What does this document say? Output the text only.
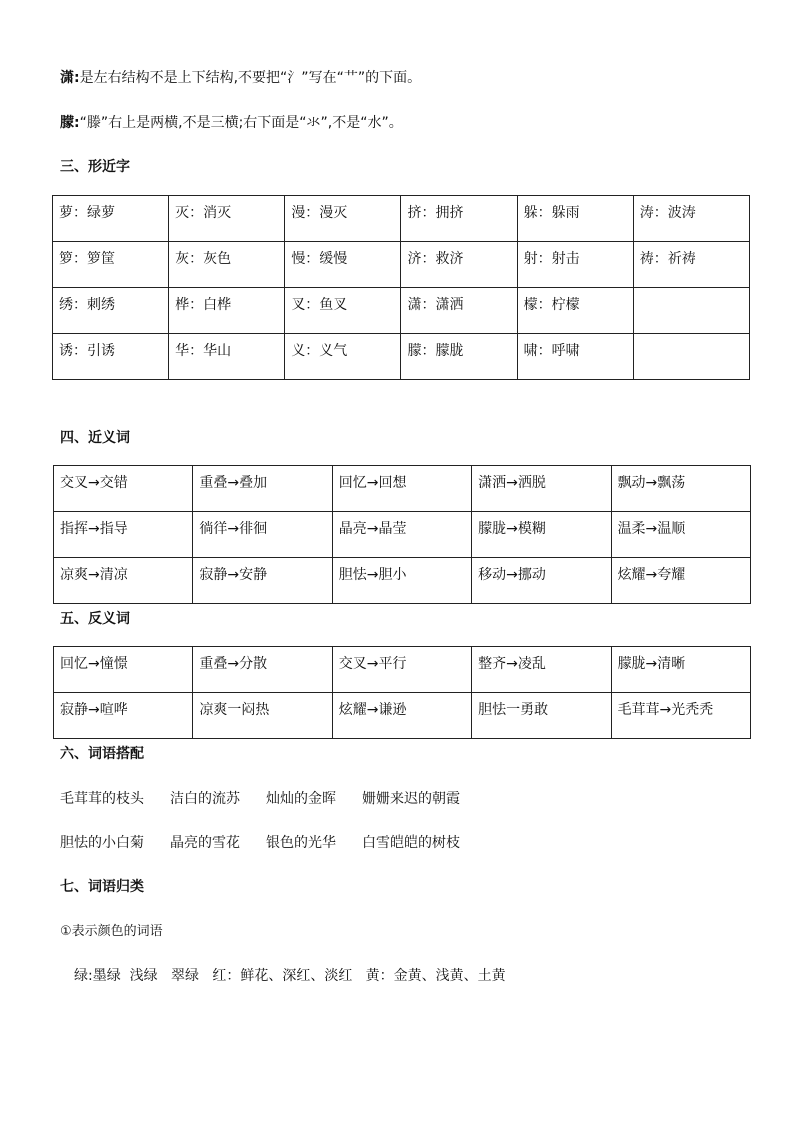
潇:是左右结构不是上下结构,不要把“氵”写在“艹”的下面。
朦:“滕”右上是两横,不是三横;右下面是“氺”,不是“水”。
三、形近字
萝：绿萝	灭：消灭	漫：漫灭	挤：拥挤	躲：躲雨	涛：波涛
箩：箩筐	灰：灰色	慢：缓慢	济：救济	射：射击	祷：祈祷
绣：刺绣	桦：白桦	叉：鱼叉	潇：潇洒	檬：柠檬	
诱：引诱	华：华山	义：义气	朦：朦胧	啸：呼啸	
四、近义词
交叉→交错	重叠→叠加	回忆→回想	潇洒→洒脱	飘动→飘荡
指挥→指导	徜徉→徘徊	晶亮→晶莹	朦胧→模糊	温柔→温顺
凉爽→清凉	寂静→安静	胆怯→胆小	移动→挪动	炫耀→夸耀
五、反义词
回忆→憧憬	重叠→分散	交叉→平行	整齐→凌乱	朦胧→清晰
寂静→喧哗	凉爽一闷热	炫耀→谦逊	胆怯一勇敢	毛茸茸→光秃秃
六、词语搭配
毛茸茸的枝头 洁白的流苏 灿灿的金晖 姗姗来迟的朝霞
胆怯的小白菊 晶亮的雪花 银色的光华 白雪皑皑的树枝
七、词语归类
①表示颜色的词语
绿:墨绿  浅绿   翠绿   红：鲜花、深红、淡红   黄：金黄、浅黄、土黄
